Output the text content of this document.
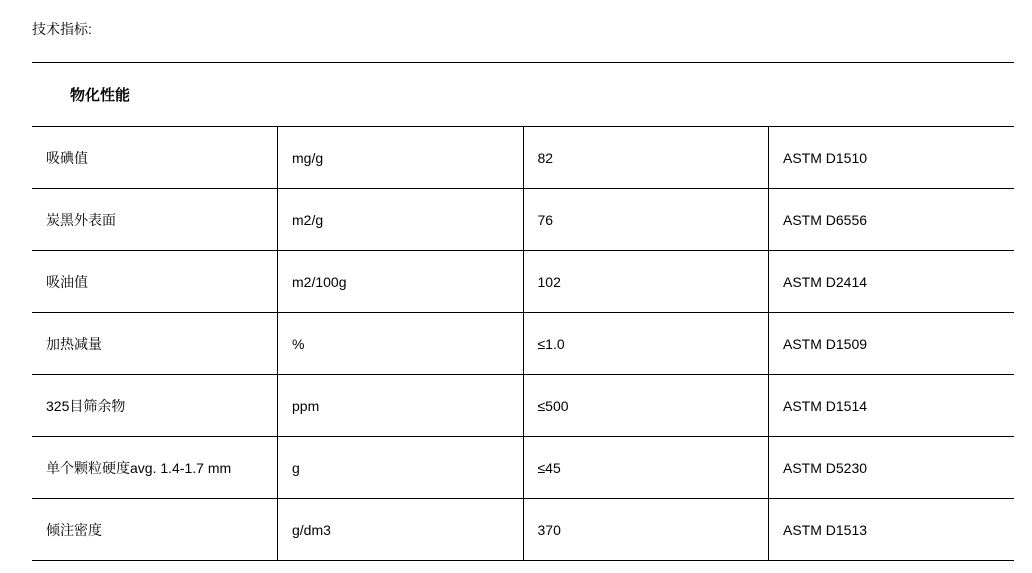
技术指标:
物化性能			
吸碘值	mg/g	82	ASTM D1510
炭黑外表面	m2/g	76	ASTM D6556
吸油值	m2/100g	102	ASTM D2414
加热减量	%	≤1.0	ASTM D1509
325目筛余物	ppm	≤500	ASTM D1514
单个颗粒硬度avg. 1.4-1.7 mm	g	≤45	ASTM D5230
倾注密度	g/dm3	370	ASTM D1513
